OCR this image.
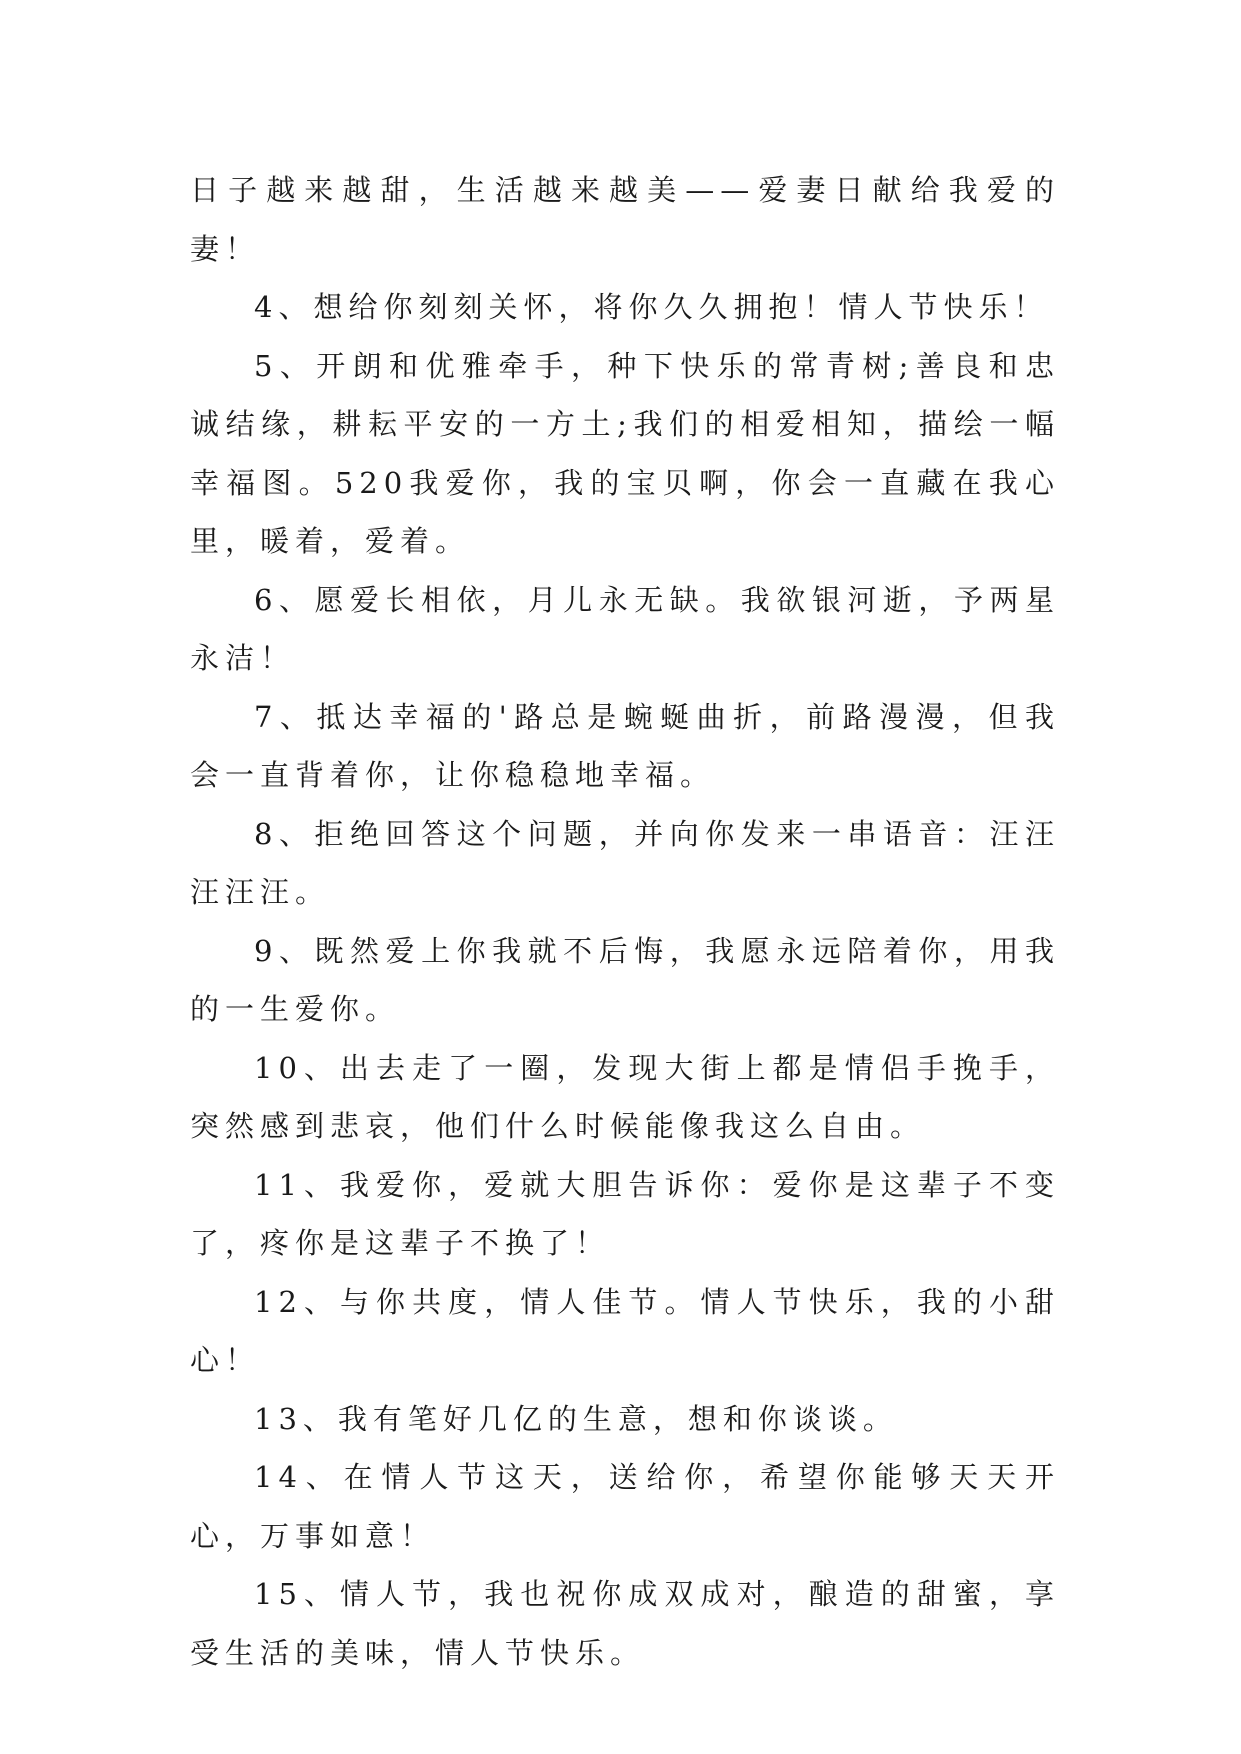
日子越来越甜，生活越来越美——爱妻日献给我爱的妻！

4、想给你刻刻关怀，将你久久拥抱！情人节快乐！

5、开朗和优雅牵手，种下快乐的常青树;善良和忠诚结缘，耕耘平安的一方土;我们的相爱相知，描绘一幅幸福图。520我爱你，我的宝贝啊，你会一直藏在我心里，暖着，爱着。

6、愿爱长相依，月儿永无缺。我欲银河逝，予两星永洁！

7、抵达幸福的'路总是蜿蜒曲折，前路漫漫，但我会一直背着你，让你稳稳地幸福。

8、拒绝回答这个问题，并向你发来一串语音：汪汪汪汪汪。

9、既然爱上你我就不后悔，我愿永远陪着你，用我的一生爱你。

10、出去走了一圈，发现大街上都是情侣手挽手，突然感到悲哀，他们什么时候能像我这么自由。

11、我爱你，爱就大胆告诉你：爱你是这辈子不变了，疼你是这辈子不换了！

12、与你共度，情人佳节。情人节快乐，我的小甜心！

13、我有笔好几亿的生意，想和你谈谈。

14、在情人节这天，送给你，希望你能够天天开心，万事如意！

15、情人节，我也祝你成双成对，酿造的甜蜜，享受生活的美味，情人节快乐。
